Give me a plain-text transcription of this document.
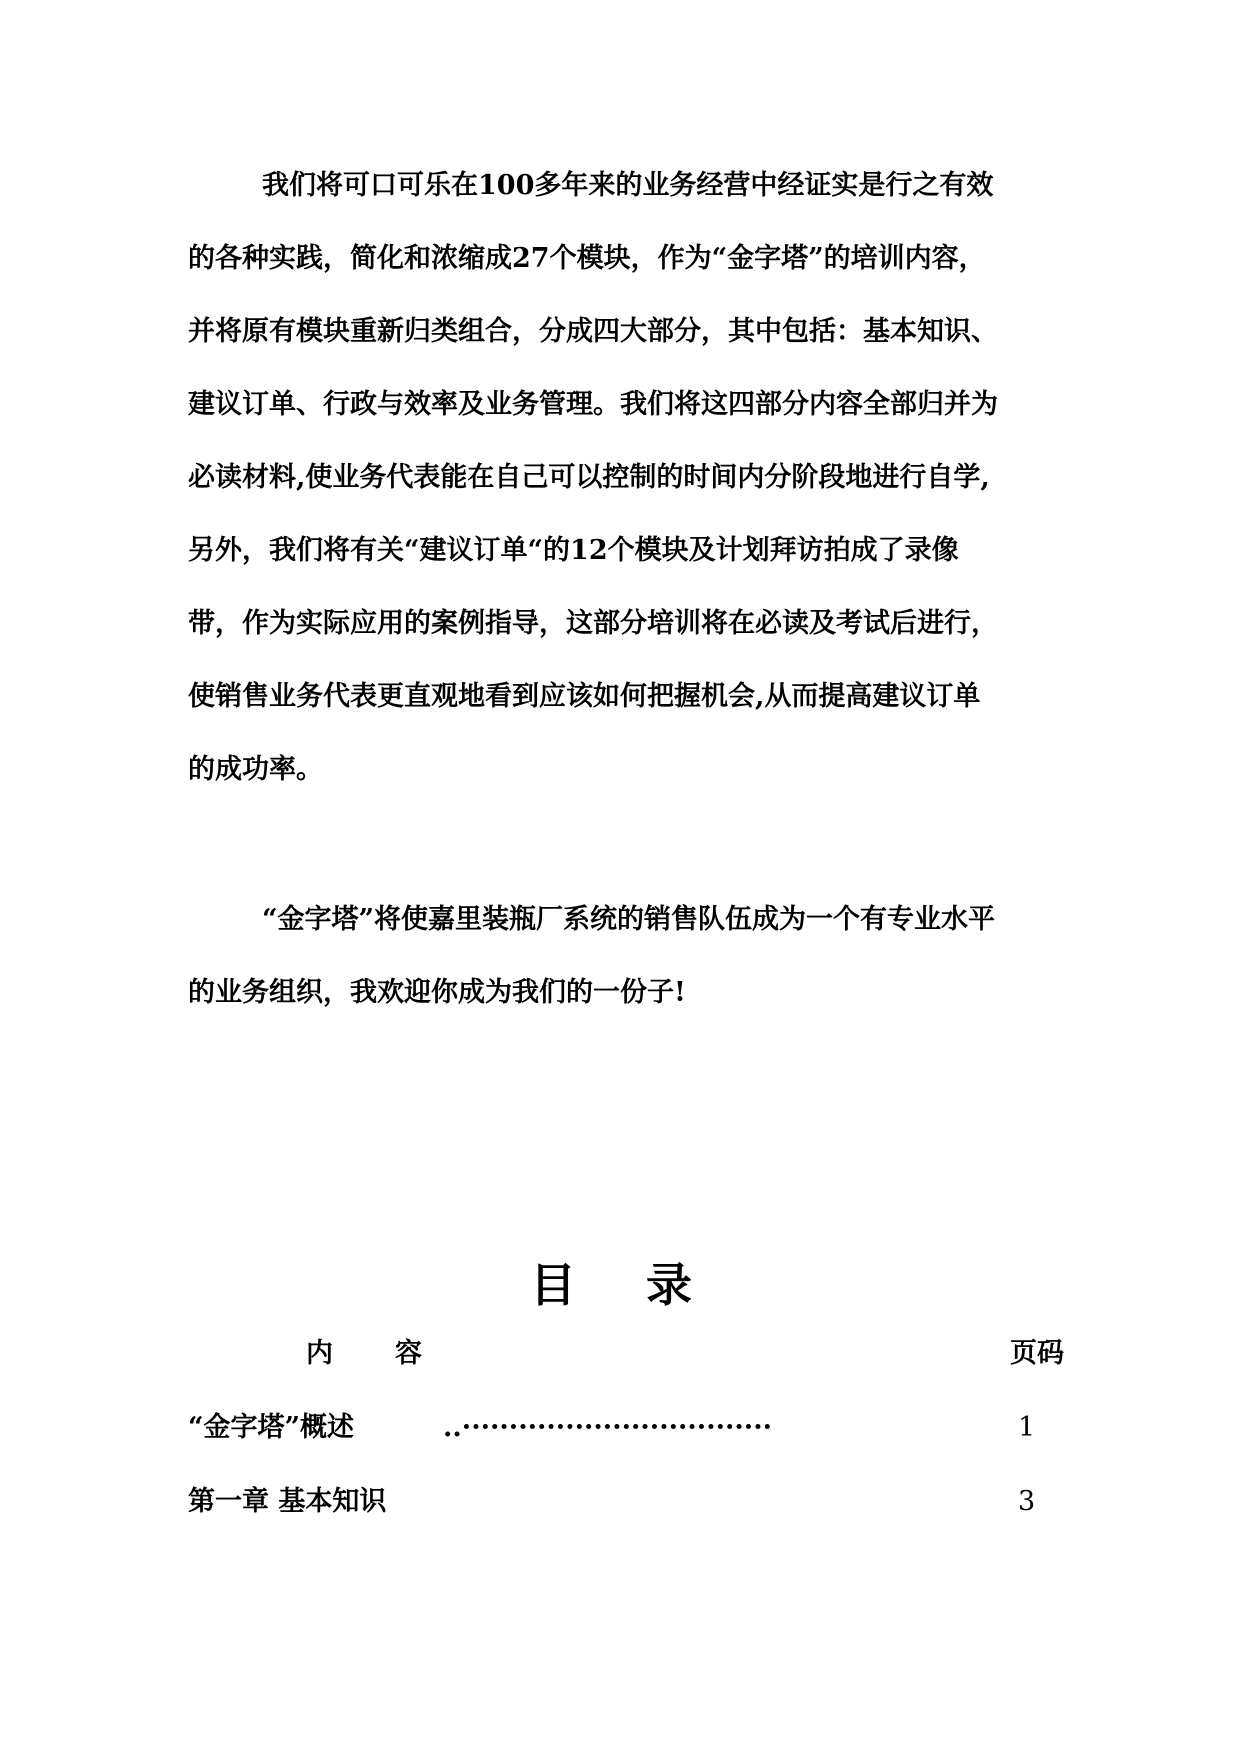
我们将可口可乐在100多年来的业务经营中经证实是行之有效
的各种实践，简化和浓缩成27个模块，作为“金字塔”的培训内容，
并将原有模块重新归类组合，分成四大部分，其中包括：基本知识、
建议订单、行政与效率及业务管理。我们将这四部分内容全部归并为
必读材料,使业务代表能在自己可以控制的时间内分阶段地进行自学,
另外，我们将有关“建议订单“的12个模块及计划拜访拍成了录像
带，作为实际应用的案例指导，这部分培训将在必读及考试后进行，
使销售业务代表更直观地看到应该如何把握机会,从而提高建议订单
的成功率。
“金字塔”将使嘉里装瓶厂系统的销售队伍成为一个有专业水平
的业务组织，我欢迎你成为我们的一份子!
目 录
内 容	页码
“金字塔”概述	..·································	1
第一章 基本知识	3
